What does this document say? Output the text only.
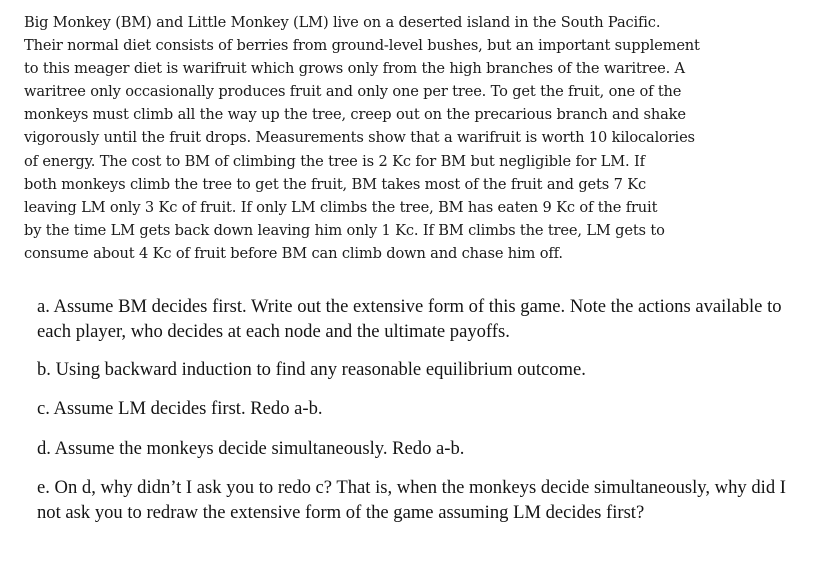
Big Monkey (BM) and Little Monkey (LM) live on a deserted island in the South Pacific.
Their normal diet consists of berries from ground-level bushes, but an important supplement
to this meager diet is warifruit which grows only from the high branches of the waritree. A
waritree only occasionally produces fruit and only one per tree. To get the fruit, one of the
monkeys must climb all the way up the tree, creep out on the precarious branch and shake
vigorously until the fruit drops. Measurements show that a warifruit is worth 10 kilocalories
of energy. The cost to BM of climbing the tree is 2 Kc for BM but negligible for LM. If
both monkeys climb the tree to get the fruit, BM takes most of the fruit and gets 7 Kc
leaving LM only 3 Kc of fruit. If only LM climbs the tree, BM has eaten 9 Kc of the fruit
by the time LM gets back down leaving him only 1 Kc. If BM climbs the tree, LM gets to
consume about 4 Kc of fruit before BM can climb down and chase him off.

a. Assume BM decides first. Write out the extensive form of this game. Note the actions available to each player, who decides at each node and the ultimate payoffs.

b. Using backward induction to find any reasonable equilibrium outcome.

c. Assume LM decides first. Redo a-b.

d. Assume the monkeys decide simultaneously. Redo a-b.

e. On d, why didn’t I ask you to redo c? That is, when the monkeys decide simultaneously, why did I not ask you to redraw the extensive form of the game assuming LM decides first?
